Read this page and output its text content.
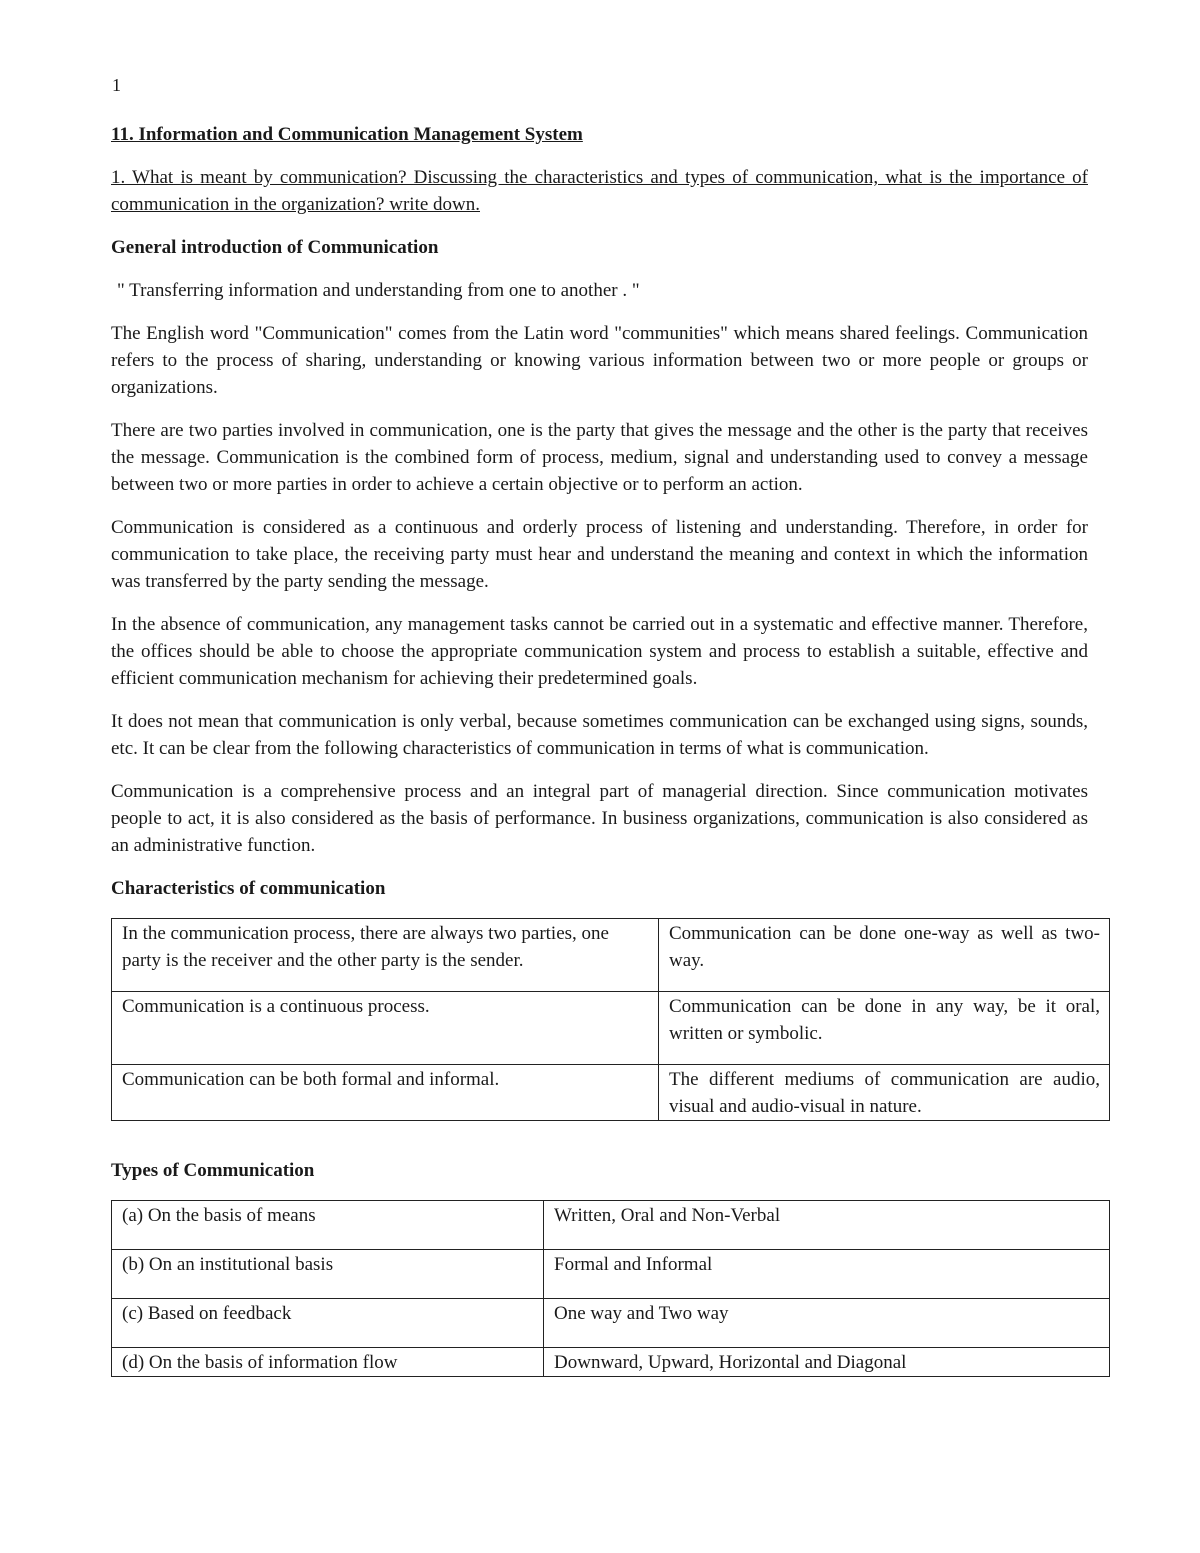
1
11. Information and Communication Management System
1. What is meant by communication? Discussing the characteristics and types of communication, what is the importance of communication in the organization? write down.
General introduction of Communication
" Transferring information and understanding from one to another . "
The English word "Communication" comes from the Latin word "communities" which means shared feelings. Communication refers to the process of sharing, understanding or knowing various information between two or more people or groups or organizations.
There are two parties involved in communication, one is the party that gives the message and the other is the party that receives the message. Communication is the combined form of process, medium, signal and understanding used to convey a message between two or more parties in order to achieve a certain objective or to perform an action.
Communication is considered as a continuous and orderly process of listening and understanding. Therefore, in order for communication to take place, the receiving party must hear and understand the meaning and context in which the information was transferred by the party sending the message.
In the absence of communication, any management tasks cannot be carried out in a systematic and effective manner. Therefore, the offices should be able to choose the appropriate communication system and process to establish a suitable, effective and efficient communication mechanism for achieving their predetermined goals.
It does not mean that communication is only verbal, because sometimes communication can be exchanged using signs, sounds, etc. It can be clear from the following characteristics of communication in terms of what is communication.
Communication is a comprehensive process and an integral part of managerial direction. Since communication motivates people to act, it is also considered as the basis of performance. In business organizations, communication is also considered as an administrative function.
Characteristics of communication
In the communication process, there are always two parties, one party is the receiver and the other party is the sender.	Communication can be done one-way as well as two-way.
Communication is a continuous process.	Communication can be done in any way, be it oral, written or symbolic.
Communication can be both formal and informal.	The different mediums of communication are audio, visual and audio-visual in nature.
Types of Communication
(a) On the basis of means	Written, Oral and Non-Verbal
(b) On an institutional basis	Formal and Informal
(c) Based on feedback	One way and Two way
(d) On the basis of information flow	Downward, Upward, Horizontal and Diagonal
